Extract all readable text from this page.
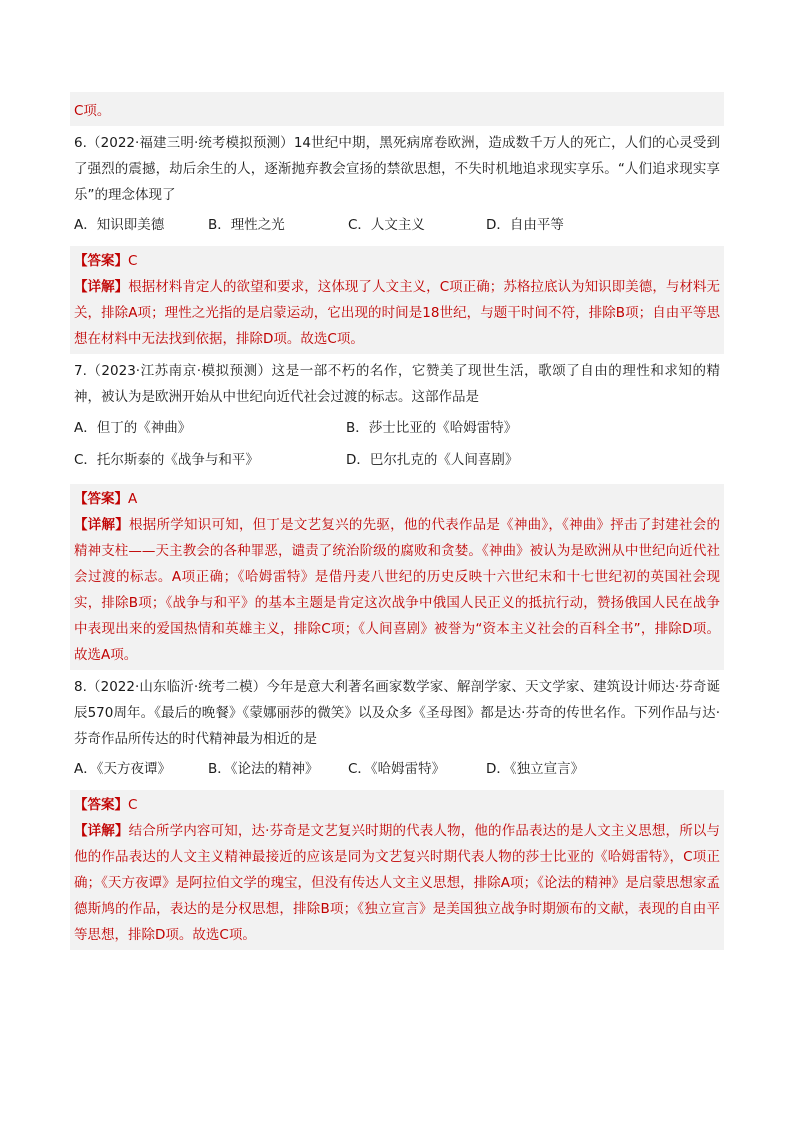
C项。
6.（2022·福建三明·统考模拟预测）14世纪中期，黑死病席卷欧洲，造成数千万人的死亡，人们的心灵受到了强烈的震撼，劫后余生的人，逐渐抛弃教会宣扬的禁欲思想，不失时机地追求现实享乐。“人们追求现实享乐”的理念体现了
A．知识即美德	B．理性之光	C．人文主义	D．自由平等
【答案】C
【详解】根据材料肯定人的欲望和要求，这体现了人文主义，C项正确；苏格拉底认为知识即美德，与材料无关，排除A项；理性之光指的是启蒙运动，它出现的时间是18世纪，与题干时间不符，排除B项；自由平等思想在材料中无法找到依据，排除D项。故选C项。
7.（2023·江苏南京·模拟预测）这是一部不朽的名作，它赞美了现世生活，歌颂了自由的理性和求知的精神，被认为是欧洲开始从中世纪向近代社会过渡的标志。这部作品是
A．但丁的《神曲》	B．莎士比亚的《哈姆雷特》
C．托尔斯泰的《战争与和平》	D．巴尔扎克的《人间喜剧》
【答案】A
【详解】根据所学知识可知，但丁是文艺复兴的先驱，他的代表作品是《神曲》，《神曲》抨击了封建社会的精神支柱——天主教会的各种罪恶，谴责了统治阶级的腐败和贪婪。《神曲》被认为是欧洲从中世纪向近代社会过渡的标志。A项正确；《哈姆雷特》是借丹麦八世纪的历史反映十六世纪末和十七世纪初的英国社会现实，排除B项；《战争与和平》的基本主题是肯定这次战争中俄国人民正义的抵抗行动，赞扬俄国人民在战争中表现出来的爱国热情和英雄主义，排除C项；《人间喜剧》被誉为“资本主义社会的百科全书”，排除D项。故选A项。
8.（2022·山东临沂·统考二模）今年是意大利著名画家数学家、解剖学家、天文学家、建筑设计师达·芬奇诞辰570周年。《最后的晚餐》《蒙娜丽莎的微笑》以及众多《圣母图》都是达·芬奇的传世名作。下列作品与达·芬奇作品所传达的时代精神最为相近的是
A．《天方夜谭》	B．《论法的精神》 C．《哈姆雷特》	D．《独立宣言》
【答案】C
【详解】结合所学内容可知，达·芬奇是文艺复兴时期的代表人物，他的作品表达的是人文主义思想，所以与他的作品表达的人文主义精神最接近的应该是同为文艺复兴时期代表人物的莎士比亚的《哈姆雷特》，C项正确；《天方夜谭》是阿拉伯文学的瑰宝，但没有传达人文主义思想，排除A项；《论法的精神》是启蒙思想家孟德斯鸠的作品，表达的是分权思想，排除B项；《独立宣言》是美国独立战争时期颁布的文献，表现的自由平等思想，排除D项。故选C项。
